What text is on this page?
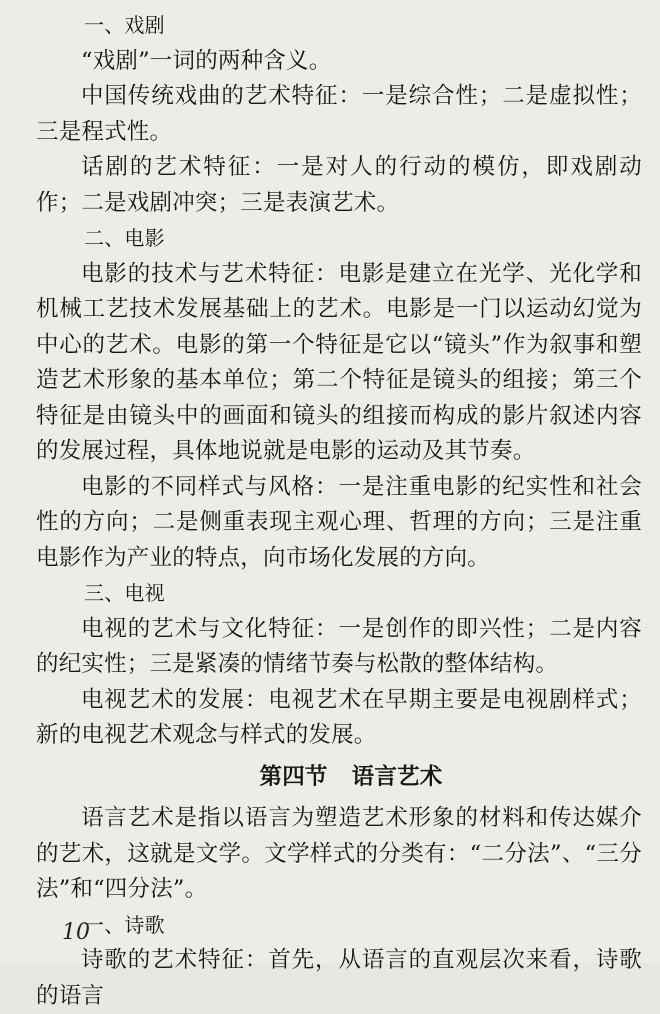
一、戏剧
“戏剧”一词的两种含义。
中国传统戏曲的艺术特征：一是综合性；二是虚拟性；三是程式性。
话剧的艺术特征：一是对人的行动的模仿，即戏剧动作；二是戏剧冲突；三是表演艺术。
二、电影
电影的技术与艺术特征：电影是建立在光学、光化学和机械工艺技术发展基础上的艺术。电影是一门以运动幻觉为中心的艺术。电影的第一个特征是它以“镜头”作为叙事和塑造艺术形象的基本单位；第二个特征是镜头的组接；第三个特征是由镜头中的画面和镜头的组接而构成的影片叙述内容的发展过程，具体地说就是电影的运动及其节奏。
电影的不同样式与风格：一是注重电影的纪实性和社会性的方向；二是侧重表现主观心理、哲理的方向；三是注重电影作为产业的特点，向市场化发展的方向。
三、电视
电视的艺术与文化特征：一是创作的即兴性；二是内容的纪实性；三是紧凑的情绪节奏与松散的整体结构。
电视艺术的发展：电视艺术在早期主要是电视剧样式；新的电视艺术观念与样式的发展。
第四节 语言艺术
语言艺术是指以语言为塑造艺术形象的材料和传达媒介的艺术，这就是文学。文学样式的分类有：“二分法”、“三分法”和“四分法”。
一、诗歌
诗歌的艺术特征：首先，从语言的直观层次来看，诗歌的语言
10
